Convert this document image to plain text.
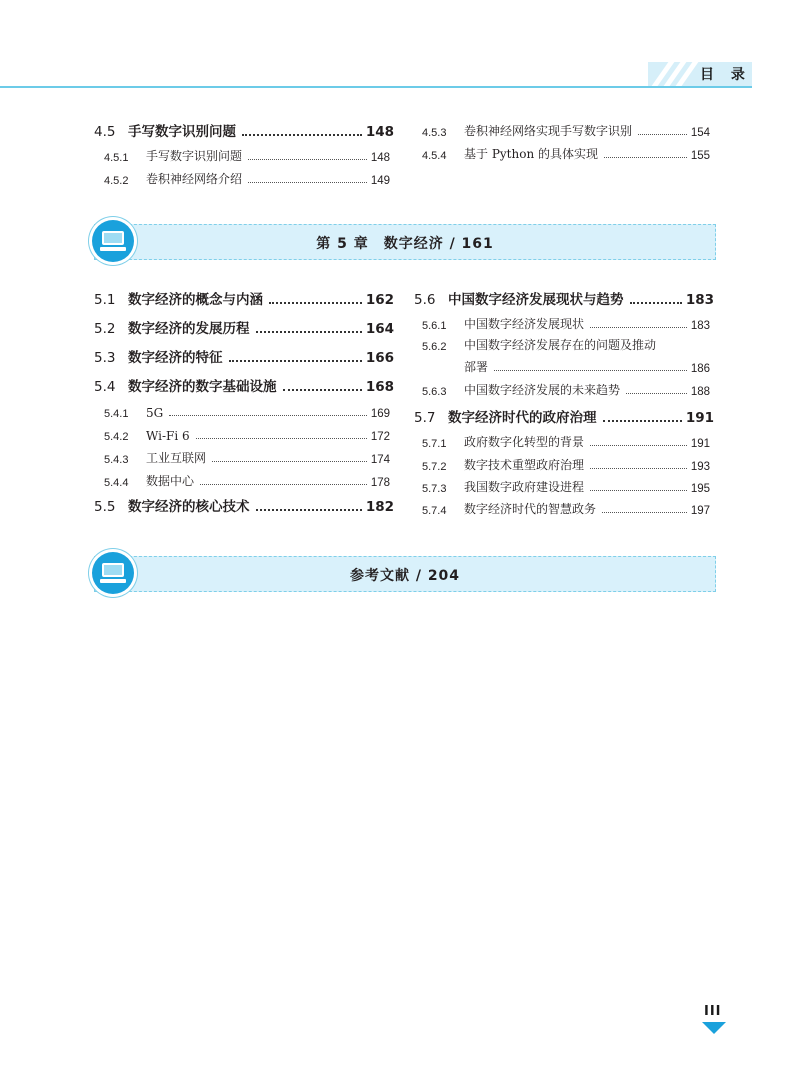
目 录
4.5 手写数字识别问题	148
4.5.1	手写数字识别问题	148
4.5.2	卷积神经网络介绍	149
4.5.3	卷积神经网络实现手写数字识别	154
4.5.4	基于 Python 的具体实现	155
第 5 章　数字经济 / 161
5.1 数字经济的概念与内涵	162
5.2 数字经济的发展历程	164
5.3 数字经济的特征	166
5.4 数字经济的数字基础设施	168
5.4.1	5G	169
5.4.2	Wi-Fi 6	172
5.4.3	工业互联网	174
5.4.4	数据中心	178
5.5 数字经济的核心技术	182
5.6 中国数字经济发展现状与趋势	183
5.6.1	中国数字经济发展现状	183
5.6.2	中国数字经济发展存在的问题及推动
部署	186
5.6.3	中国数字经济发展的未来趋势	188
5.7 数字经济时代的政府治理	191
5.7.1	政府数字化转型的背景	191
5.7.2	数字技术重塑政府治理	193
5.7.3	我国数字政府建设进程	195
5.7.4	数字经济时代的智慧政务	197
参考文献 / 204
III
